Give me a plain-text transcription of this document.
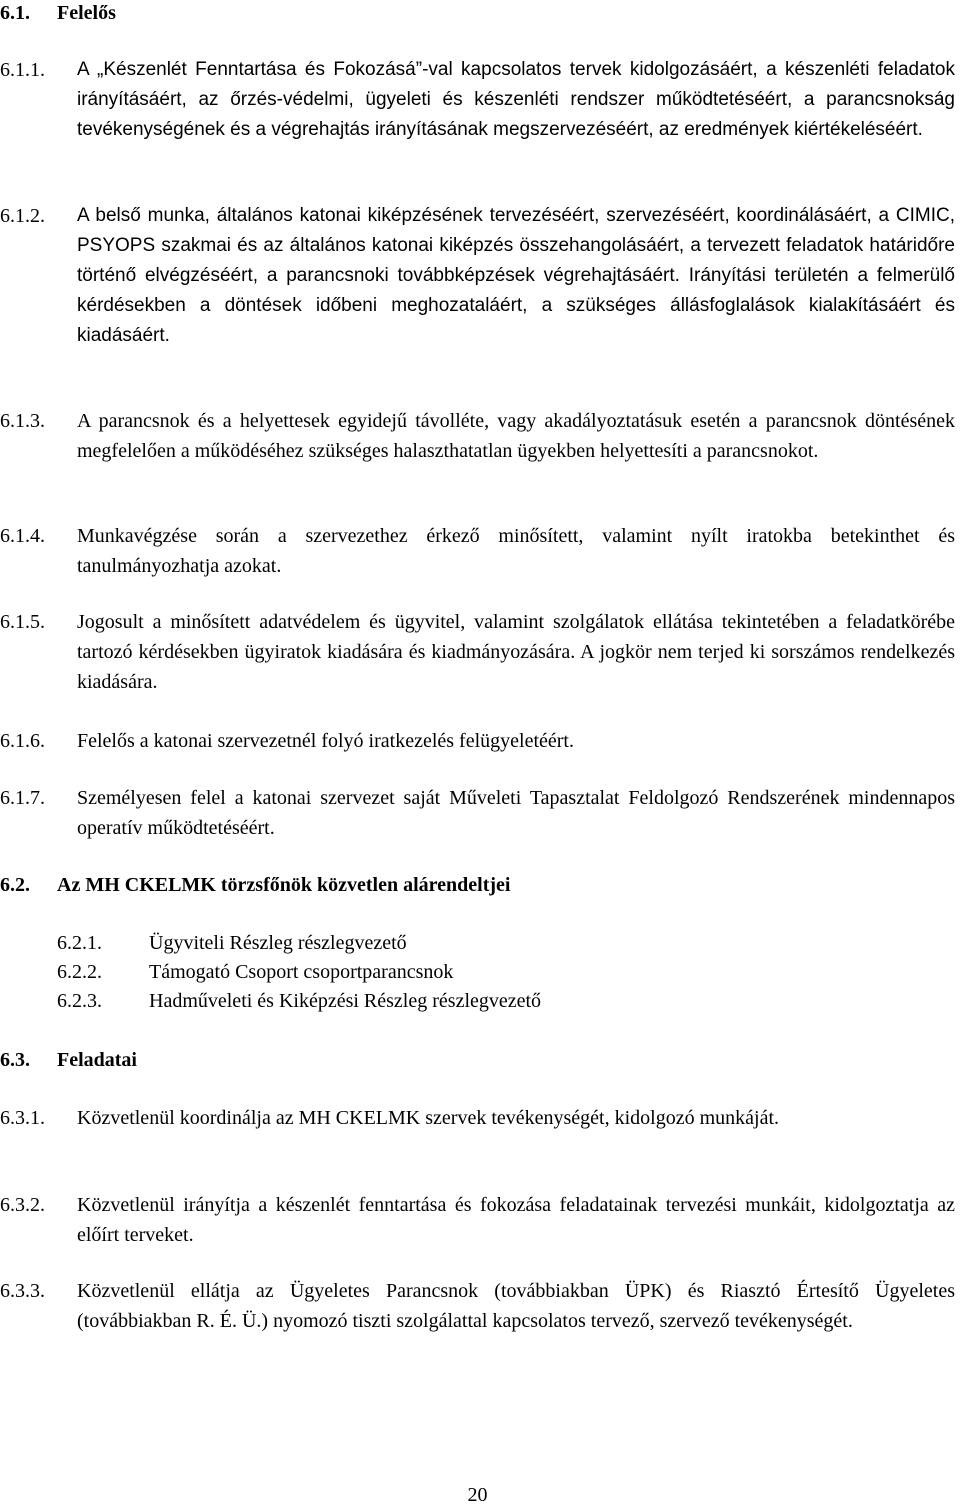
6.1. Felelős
6.1.1. A „Készenlét Fenntartása és Fokozásá”-val kapcsolatos tervek kidolgozásáért, a készenléti feladatok irányításáért, az őrzés-védelmi, ügyeleti és készenléti rendszer működtetéséért, a parancsnokság tevékenységének és a végrehajtás irányításának megszervezéséért, az eredmények kiértékeléséért.
6.1.2. A belső munka, általános katonai kiképzésének tervezéséért, szervezéséért, koordinálásáért, a CIMIC, PSYOPS szakmai és az általános katonai kiképzés összehangolásáért, a tervezett feladatok határidőre történő elvégzéséért, a parancsnoki továbbképzések végrehajtásáért. Irányítási területén a felmerülő kérdésekben a döntések időbeni meghozataláért, a szükséges állásfoglalások kialakításáért és kiadásáért.
6.1.3. A parancsnok és a helyettesek egyidejű távolléte, vagy akadályoztatásuk esetén a parancsnok döntésének megfelelően a működéséhez szükséges halaszthatatlan ügyekben helyettesíti a parancsnokot.
6.1.4. Munkavégzése során a szervezethez érkező minősített, valamint nyílt iratokba betekinthet és tanulmányozhatja azokat.
6.1.5. Jogosult a minősített adatvédelem és ügyvitel, valamint szolgálatok ellátása tekintetében a feladatkörébe tartozó kérdésekben ügyiratok kiadására és kiadmányozására. A jogkör nem terjed ki sorszámos rendelkezés kiadására.
6.1.6. Felelős a katonai szervezetnél folyó iratkezelés felügyeletéért.
6.1.7. Személyesen felel a katonai szervezet saját Műveleti Tapasztalat Feldolgozó Rendszerének mindennapos operatív működtetéséért.
6.2. Az MH CKELMK törzsfőnök közvetlen alárendeltjei
6.2.1. Ügyviteli Részleg részlegvezető
6.2.2. Támogató Csoport csoportparancsnok
6.2.3. Hadműveleti és Kiképzési Részleg részlegvezető
6.3. Feladatai
6.3.1. Közvetlenül koordinálja az MH CKELMK szervek tevékenységét, kidolgozó munkáját.
6.3.2. Közvetlenül irányítja a készenlét fenntartása és fokozása feladatainak tervezési munkáit, kidolgoztatja az előírt terveket.
6.3.3. Közvetlenül ellátja az Ügyeletes Parancsnok (továbbiakban ÜPK) és Riasztó Értesítő Ügyeletes (továbbiakban R. É. Ü.) nyomozó tiszti szolgálattal kapcsolatos tervező, szervező tevékenységét.
20
